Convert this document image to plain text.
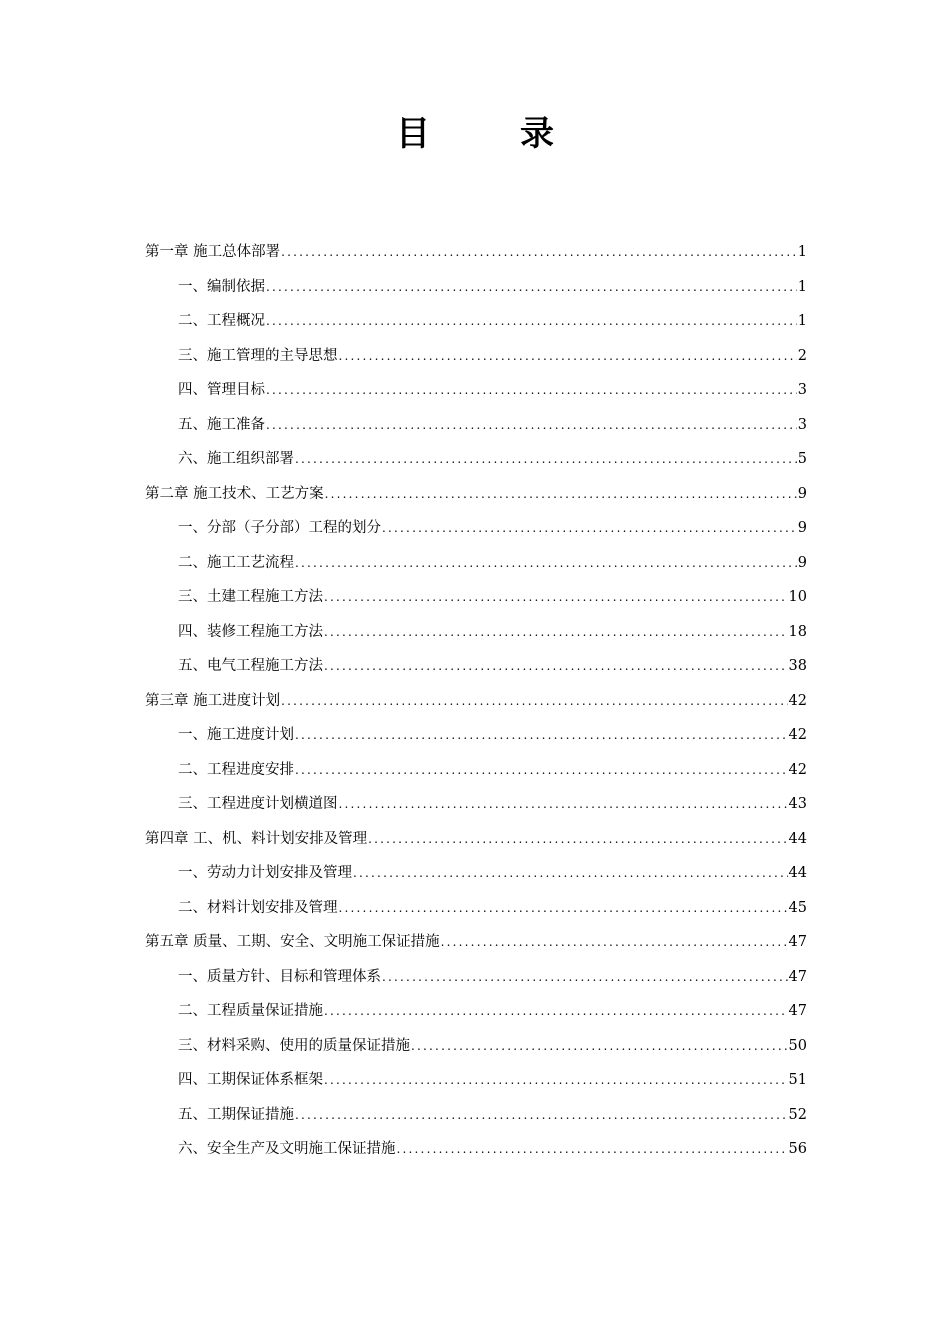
目　录
第一章 施工总体部署 .....	1
一、编制依据 .....	1
二、工程概况 .....	1
三、施工管理的主导思想 .....	2
四、管理目标 .....	3
五、施工准备 .....	3
六、施工组织部署 .....	5
第二章 施工技术、工艺方案 .....	9
一、分部（子分部）工程的划分 .....	9
二、施工工艺流程 .....	9
三、土建工程施工方法 .....	10
四、装修工程施工方法 .....	18
五、电气工程施工方法 .....	38
第三章 施工进度计划 .....	42
一、施工进度计划 .....	42
二、工程进度安排 .....	42
三、工程进度计划横道图 .....	43
第四章 工、机、料计划安排及管理 .....	44
一、劳动力计划安排及管理 .....	44
二、材料计划安排及管理 .....	45
第五章 质量、工期、安全、文明施工保证措施 .....	47
一、质量方针、目标和管理体系 .....	47
二、工程质量保证措施 .....	47
三、材料采购、使用的质量保证措施 .....	50
四、工期保证体系框架 .....	51
五、工期保证措施 .....	52
六、安全生产及文明施工保证措施 .....	56
